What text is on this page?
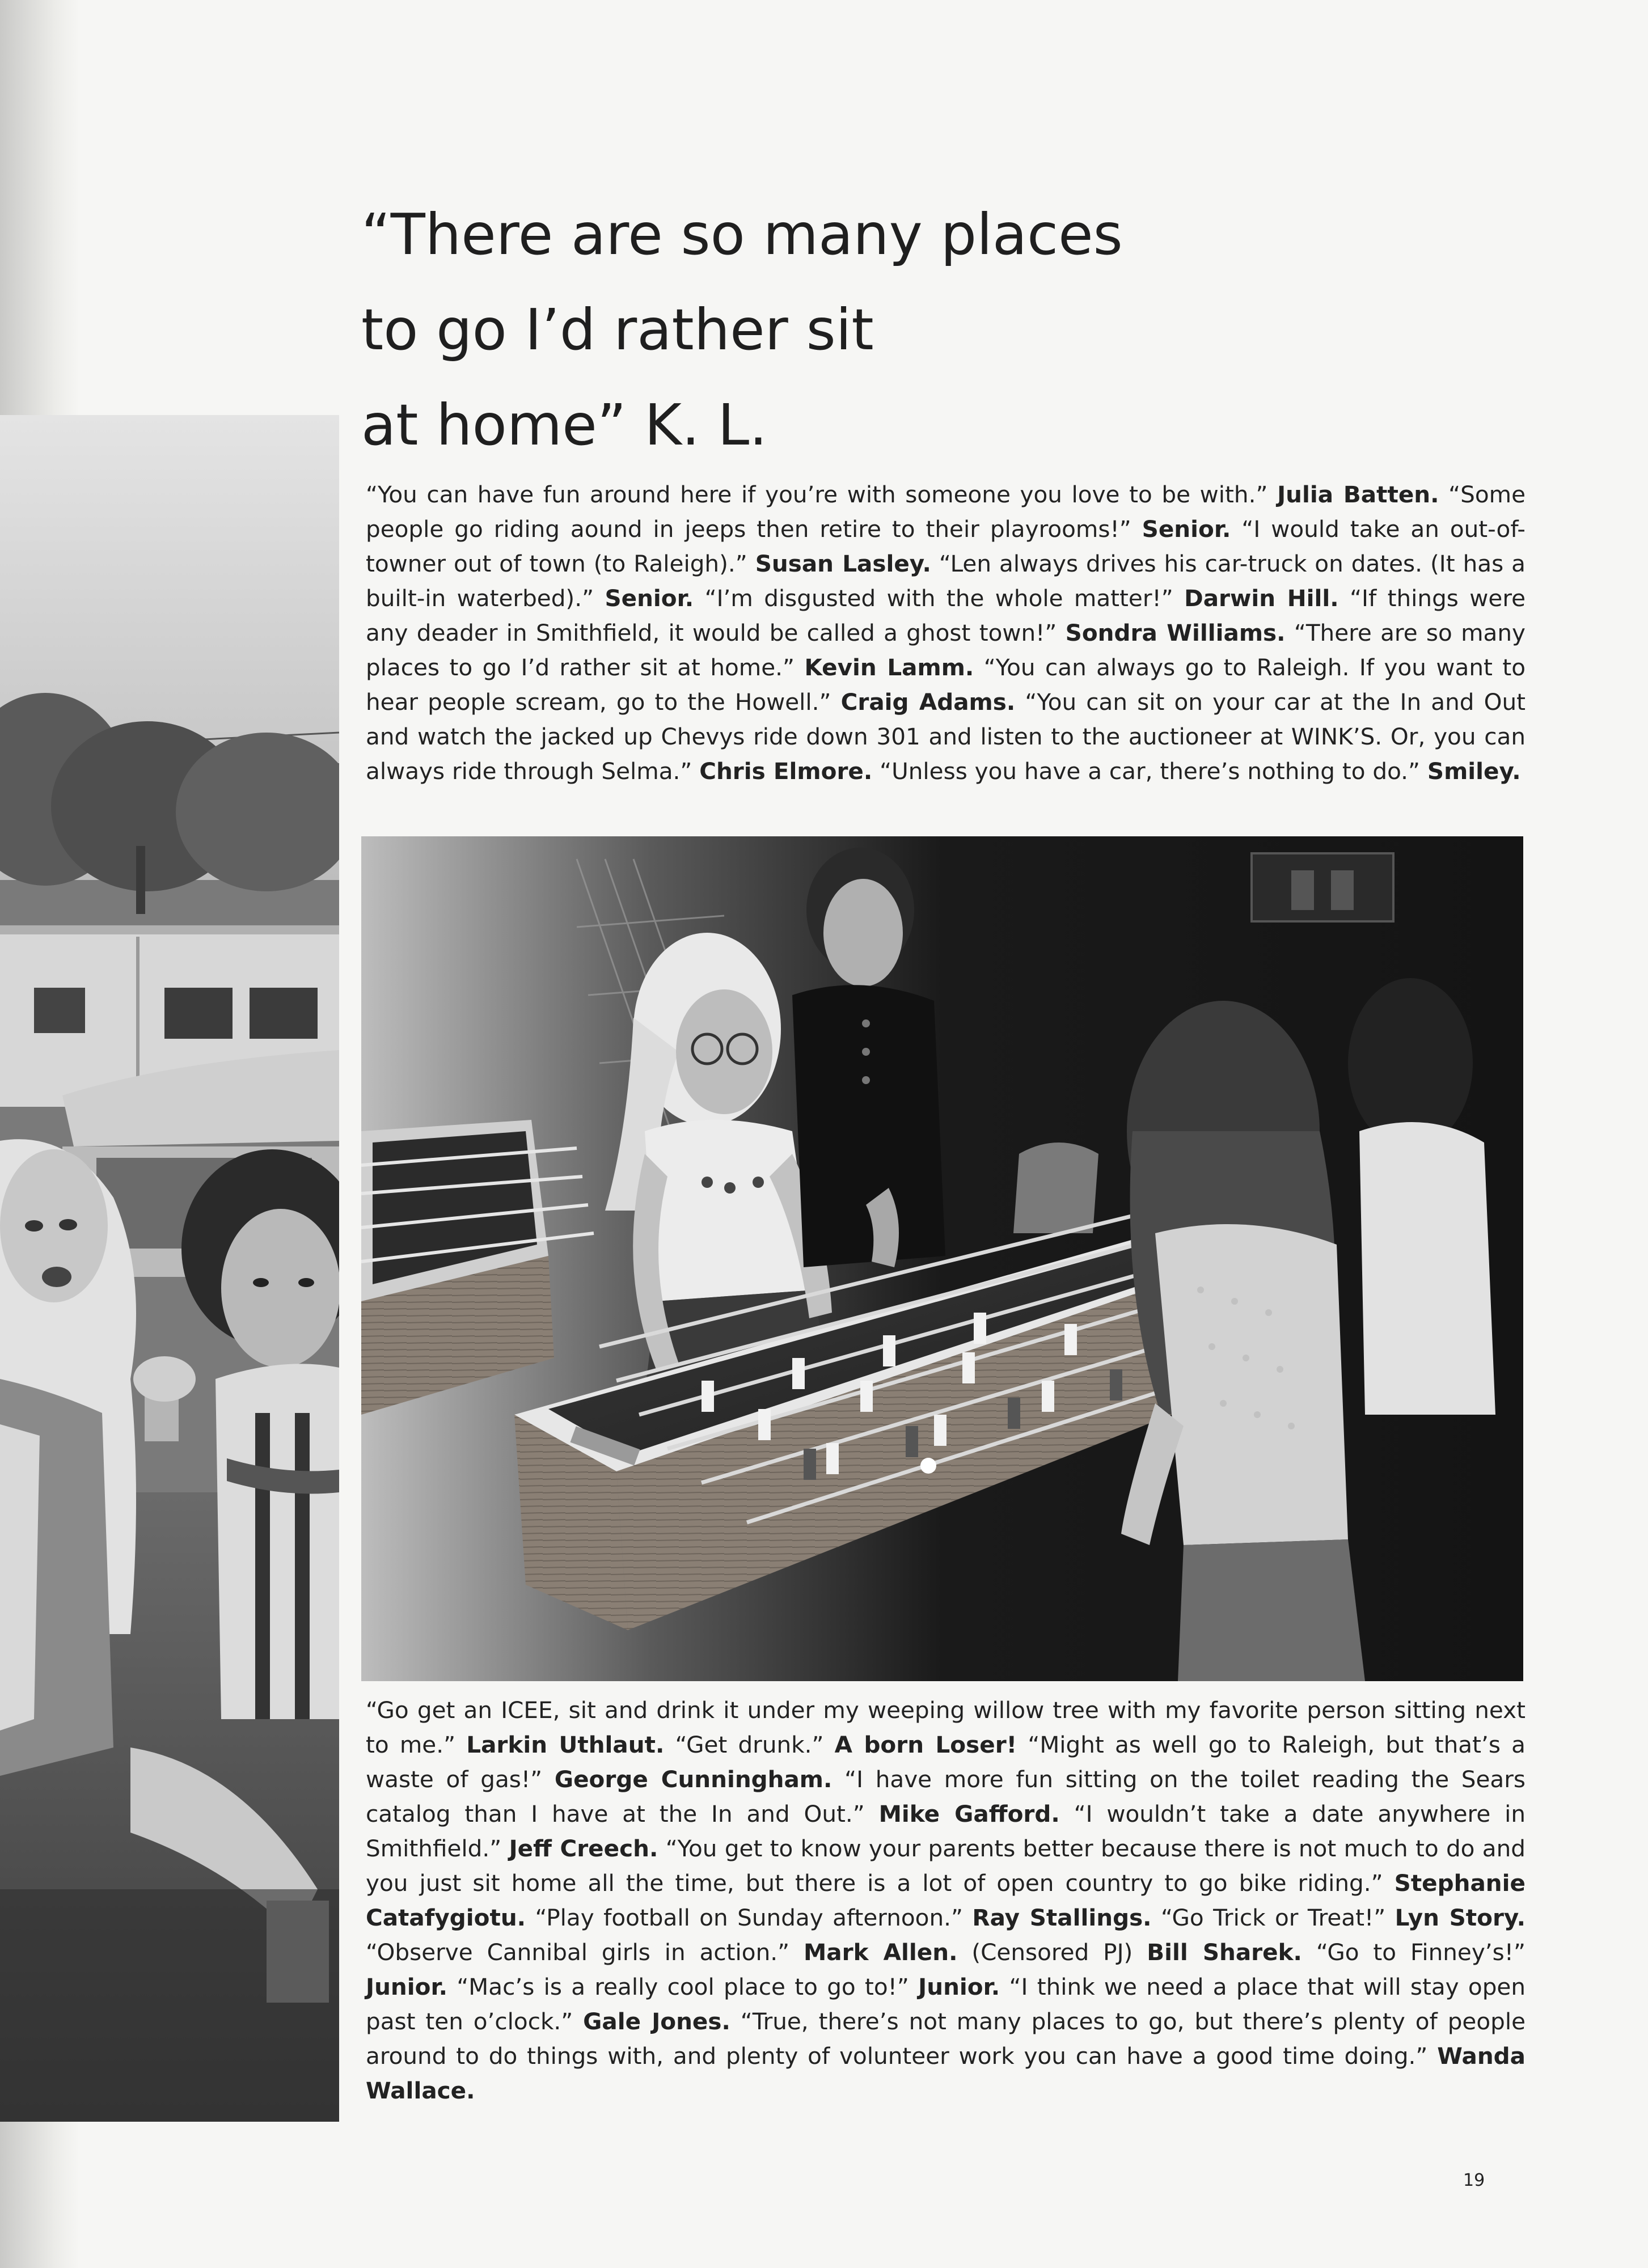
“There are so many places
to go I’d rather sit
at home” K. L.

“You can have fun around here if you’re with someone you love to be with.” Julia Batten. “Some people go riding aound in jeeps then retire to their playrooms!” Senior. “I would take an out-of-towner out of town (to Raleigh).” Susan Lasley. “Len always drives his car-truck on dates. (It has a built-in waterbed).” Senior. “I’m disgusted with the whole matter!” Darwin Hill. “If things were any deader in Smithfield, it would be called a ghost town!” Sondra Williams. “There are so many places to go I’d rather sit at home.” Kevin Lamm. “You can always go to Raleigh. If you want to hear people scream, go to the Howell.” Craig Adams. “You can sit on your car at the In and Out and watch the jacked up Chevys ride down 301 and listen to the auctioneer at WINK’S. Or, you can always ride through Selma.” Chris Elmore. “Unless you have a car, there’s nothing to do.” Smiley.

“Go get an ICEE, sit and drink it under my weeping willow tree with my favorite person sitting next to me.” Larkin Uthlaut. “Get drunk.” A born Loser! “Might as well go to Raleigh, but that’s a waste of gas!” George Cunningham. “I have more fun sitting on the toilet reading the Sears catalog than I have at the In and Out.” Mike Gafford. “I wouldn’t take a date anywhere in Smithfield.” Jeff Creech. “You get to know your parents better because there is not much to do and you just sit home all the time, but there is a lot of open country to go bike riding.” Stephanie Catafygiotu. “Play football on Sunday afternoon.” Ray Stallings. “Go Trick or Treat!” Lyn Story. “Observe Cannibal girls in action.” Mark Allen. (Censored PJ) Bill Sharek. “Go to Finney’s!” Junior. “Mac’s is a really cool place to go to!” Junior. “I think we need a place that will stay open past ten o’clock.” Gale Jones. “True, there’s not many places to go, but there’s plenty of people around to do things with, and plenty of volunteer work you can have a good time doing.” Wanda Wallace.

19
